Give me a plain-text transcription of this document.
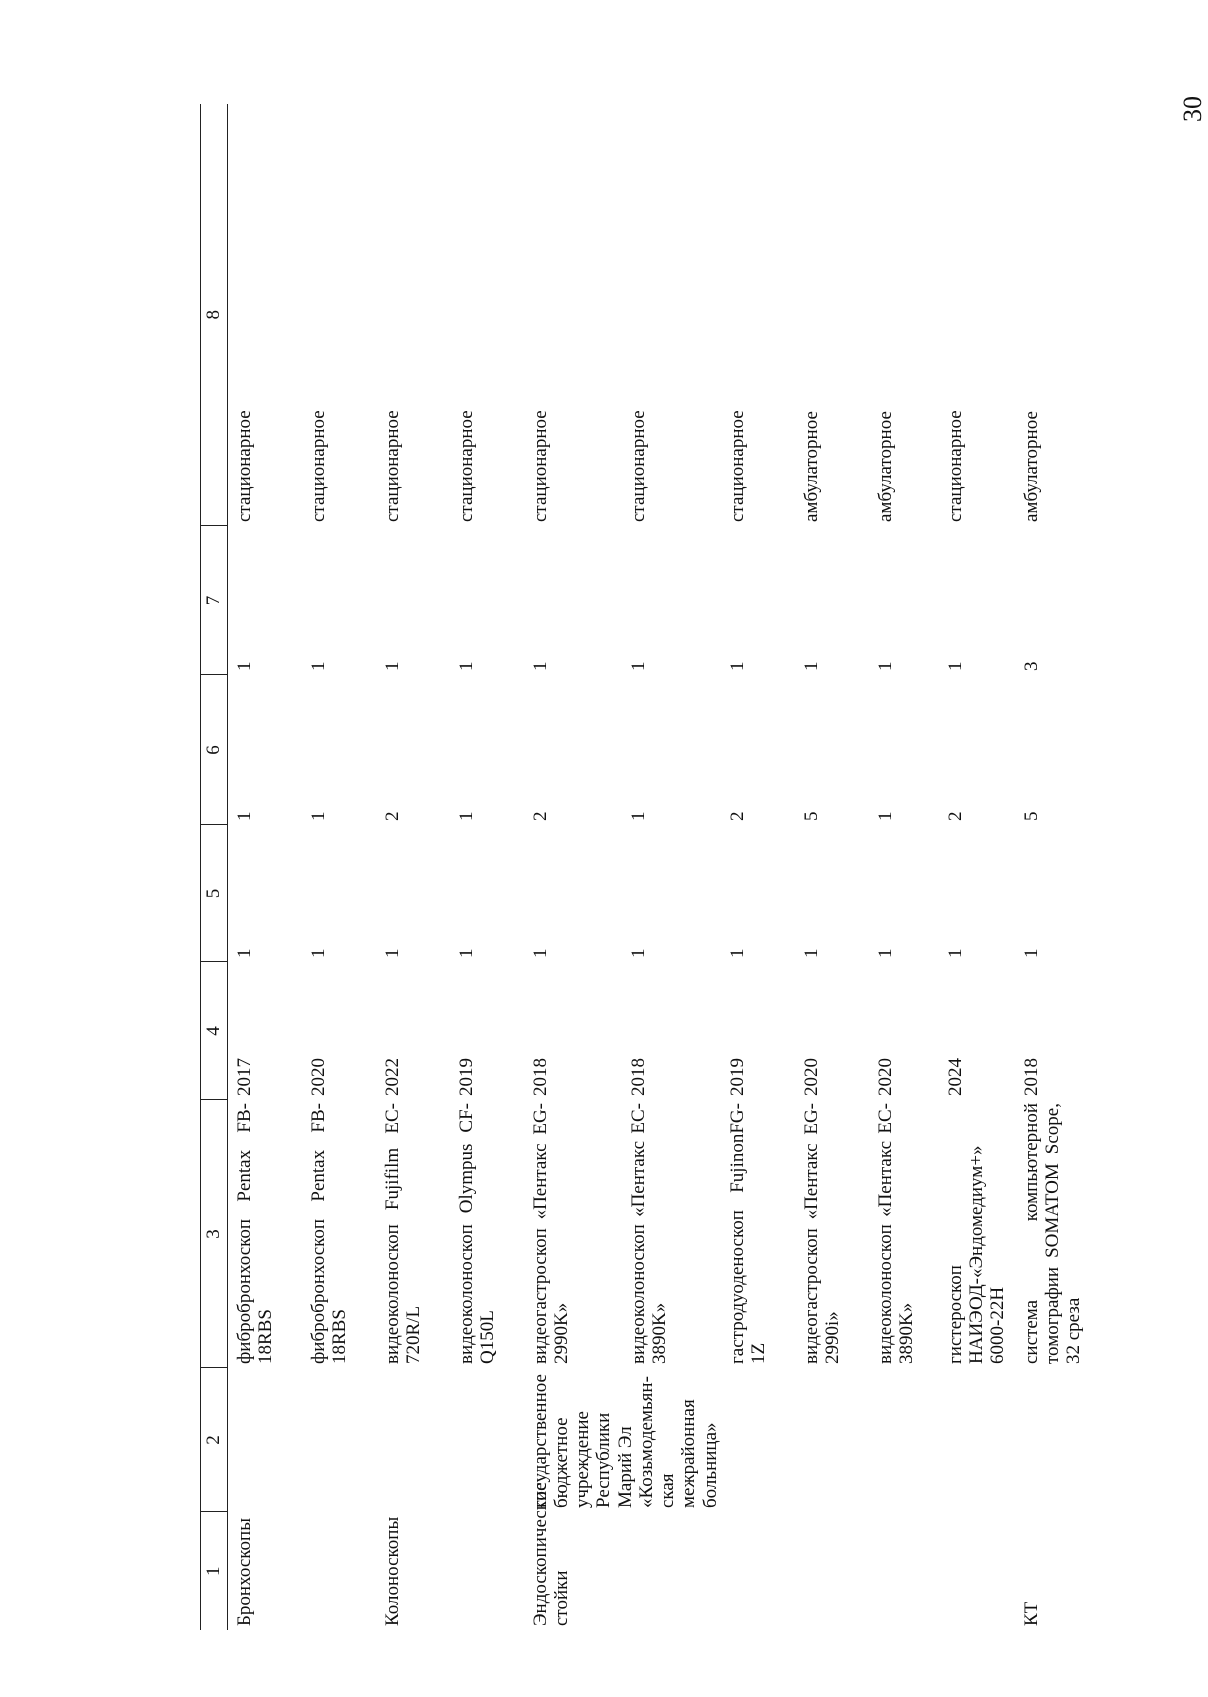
30
1	2	3	4	5	6	7	8
Бронхоскопы		фибробронхоскоп Pentax FB-18RBS	2017	1	1	1	стационарное
		фибробронхоскоп Pentax FB-18RBS	2020	1	1	1	стационарное
Колоноскопы		видеоколоноскоп Fujifilm EC-720R/L	2022	1	2	1	стационарное
		видеоколоноскоп Olympus CF-Q150L	2019	1	1	1	стационарное
Эндоскопические стойки	государственное бюджетное учреждение Республики Марий Эл «Козьмодемьян-ская межрайонная больница»	видеогастроскоп «Пентакс EG-2990K»	2018	1	2	1	стационарное
		видеоколоноскоп «Пентакс EC-3890K»	2018	1	1	1	стационарное
		гастродуоденоскоп FujinonFG-1Z	2019	1	2	1	стационарное
		видеогастроскоп «Пентакс EG-2990i»	2020	1	5	1	амбулаторное
		видеоколоноскоп «Пентакс EC-3890K»	2020	1	1	1	амбулаторное
		гистероскоп НАИЭОД-«Эндомедиум+» 6000-22Н	2024	1	2	1	стационарное
КТ		система компьютерной томографии SOMATOM Scope, 32 среза	2018	1	5	3	амбулаторное
